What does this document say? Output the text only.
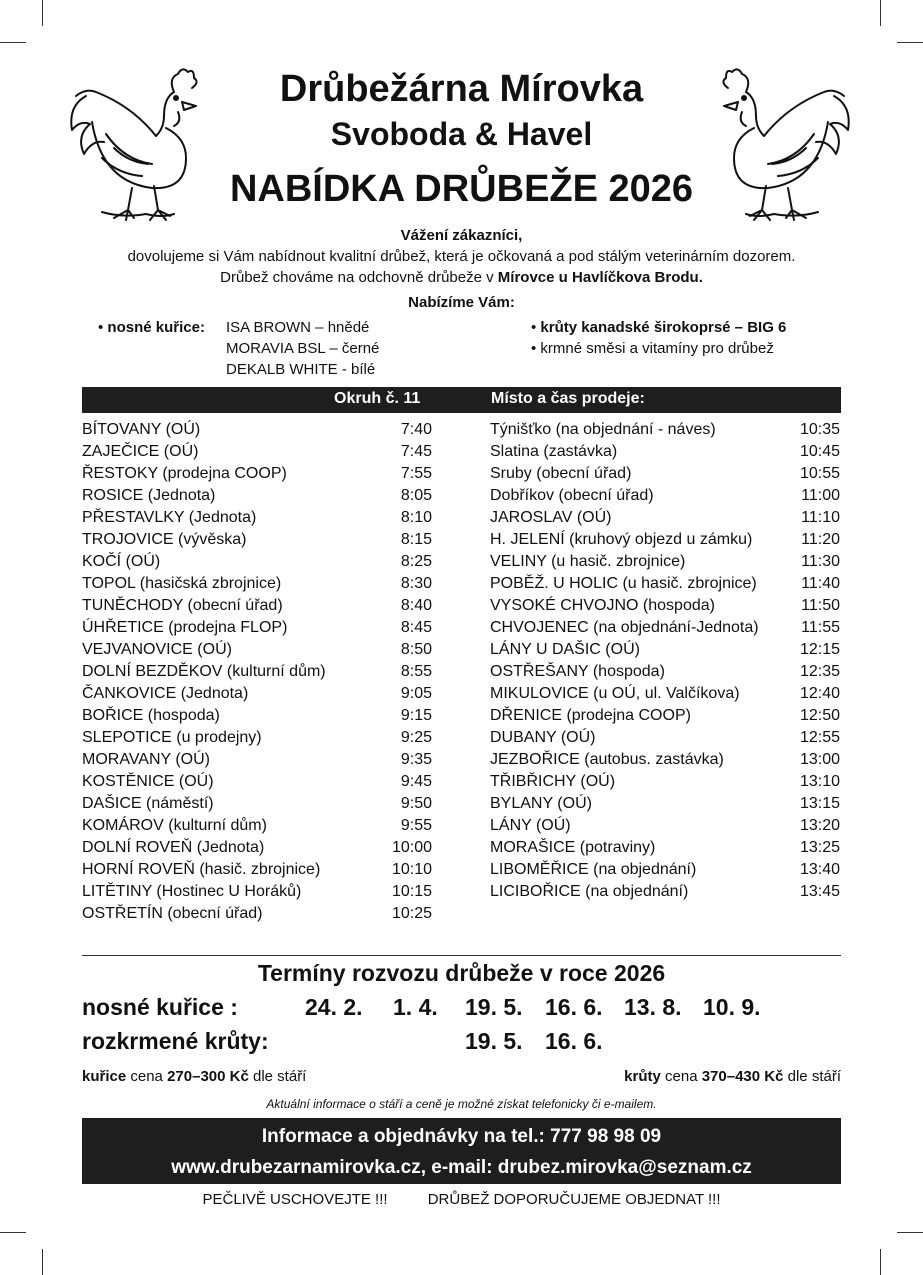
Drůbežárna Mírovka
Svoboda & Havel
NABÍDKA DRŮBEŽE 2026
Vážení zákazníci,
dovolujeme si Vám nabídnout kvalitní drůbež, která je očkovaná a pod stálým veterinárním dozorem.
Drůbež chováme na odchovně drůbeže v Mírovce u Havlíčkova Brodu.
Nabízíme Vám:
• nosné kuřice: ISA BROWN – hnědé
MORAVIA BSL – černé
DEKALB WHITE - bílé
• krůty kanadské širokoprsé – BIG 6
• krmné směsi a vitamíny pro drůbež
Okruh č. 11	Místo a čas prodeje:
BÍTOVANY (OÚ)	7:40
ZAJEČICE (OÚ)	7:45
ŘESTOKY (prodejna COOP)	7:55
ROSICE (Jednota)	8:05
PŘESTAVLKY (Jednota)	8:10
TROJOVICE (vývěska)	8:15
KOČÍ (OÚ)	8:25
TOPOL (hasičská zbrojnice)	8:30
TUNĚCHODY (obecní úřad)	8:40
ÚHŘETICE (prodejna FLOP)	8:45
VEJVANOVICE (OÚ)	8:50
DOLNÍ BEZDĚKOV (kulturní dům)	8:55
ČANKOVICE (Jednota)	9:05
BOŘICE (hospoda)	9:15
SLEPOTICE (u prodejny)	9:25
MORAVANY (OÚ)	9:35
KOSTĚNICE (OÚ)	9:45
DAŠICE (náměstí)	9:50
KOMÁROV (kulturní dům)	9:55
DOLNÍ ROVEŇ (Jednota)	10:00
HORNÍ ROVEŇ (hasič. zbrojnice)	10:10
LITĚTINY (Hostinec U Horáků)	10:15
OSTŘETÍN (obecní úřad)	10:25
Týnišťko (na objednání - náves)	10:35
Slatina (zastávka)	10:45
Sruby (obecní úřad)	10:55
Dobříkov (obecní úřad)	11:00
JAROSLAV (OÚ)	11:10
H. JELENÍ (kruhový objezd u zámku)	11:20
VELINY (u hasič. zbrojnice)	11:30
POBĚŽ. U HOLIC (u hasič. zbrojnice)	11:40
VYSOKÉ CHVOJNO (hospoda)	11:50
CHVOJENEC (na objednání-Jednota)	11:55
LÁNY U DAŠIC (OÚ)	12:15
OSTŘEŠANY (hospoda)	12:35
MIKULOVICE (u OÚ, ul. Valčíkova)	12:40
DŘENICE (prodejna COOP)	12:50
DUBANY (OÚ)	12:55
JEZBOŘICE (autobus. zastávka)	13:00
TŘIBŘICHY (OÚ)	13:10
BYLANY (OÚ)	13:15
LÁNY (OÚ)	13:20
MORAŠICE (potraviny)	13:25
LIBOMĚŘICE (na objednání)	13:40
LICIBOŘICE (na objednání)	13:45
Termíny rozvozu drůbeže v roce 2026
nosné kuřice :	24. 2. 1. 4. 19. 5. 16. 6. 13. 8. 10. 9.
rozkrmené krůty:	19. 5. 16. 6.
kuřice cena 270–300 Kč dle stáří	krůty cena 370–430 Kč dle stáří
Aktuální informace o stáří a ceně je možné získat telefonicky či e-mailem.
Informace a objednávky na tel.: 777 98 98 09
www.drubezarnamirovka.cz, e-mail: drubez.mirovka@seznam.cz
PEČLIVĚ USCHOVEJTE !!!	DRŮBEŽ DOPORUČUJEME OBJEDNAT !!!
